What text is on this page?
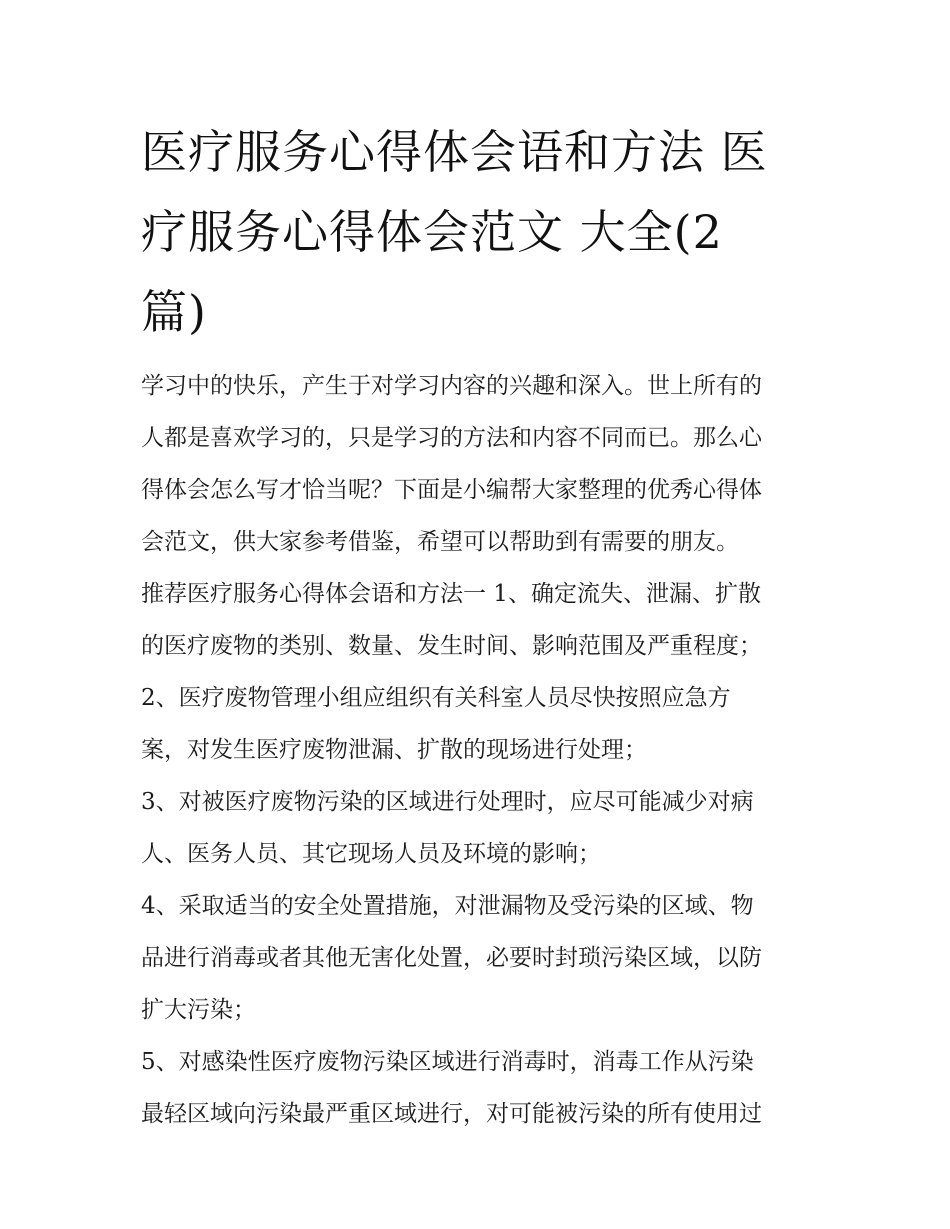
医疗服务心得体会语和方法 医
疗服务心得体会范文 大全(2
篇)

学习中的快乐，产生于对学习内容的兴趣和深入。世上所有的
人都是喜欢学习的，只是学习的方法和内容不同而已。那么心
得体会怎么写才恰当呢？下面是小编帮大家整理的优秀心得体
会范文，供大家参考借鉴，希望可以帮助到有需要的朋友。

推荐医疗服务心得体会语和方法一 1、确定流失、泄漏、扩散
的医疗废物的类别、数量、发生时间、影响范围及严重程度；

2、医疗废物管理小组应组织有关科室人员尽快按照应急方
案，对发生医疗废物泄漏、扩散的现场进行处理；

3、对被医疗废物污染的区域进行处理时，应尽可能减少对病
人、医务人员、其它现场人员及环境的影响；

4、采取适当的安全处置措施，对泄漏物及受污染的区域、物
品进行消毒或者其他无害化处置，必要时封琐污染区域，以防
扩大污染；

5、对感染性医疗废物污染区域进行消毒时，消毒工作从污染
最轻区域向污染最严重区域进行，对可能被污染的所有使用过
